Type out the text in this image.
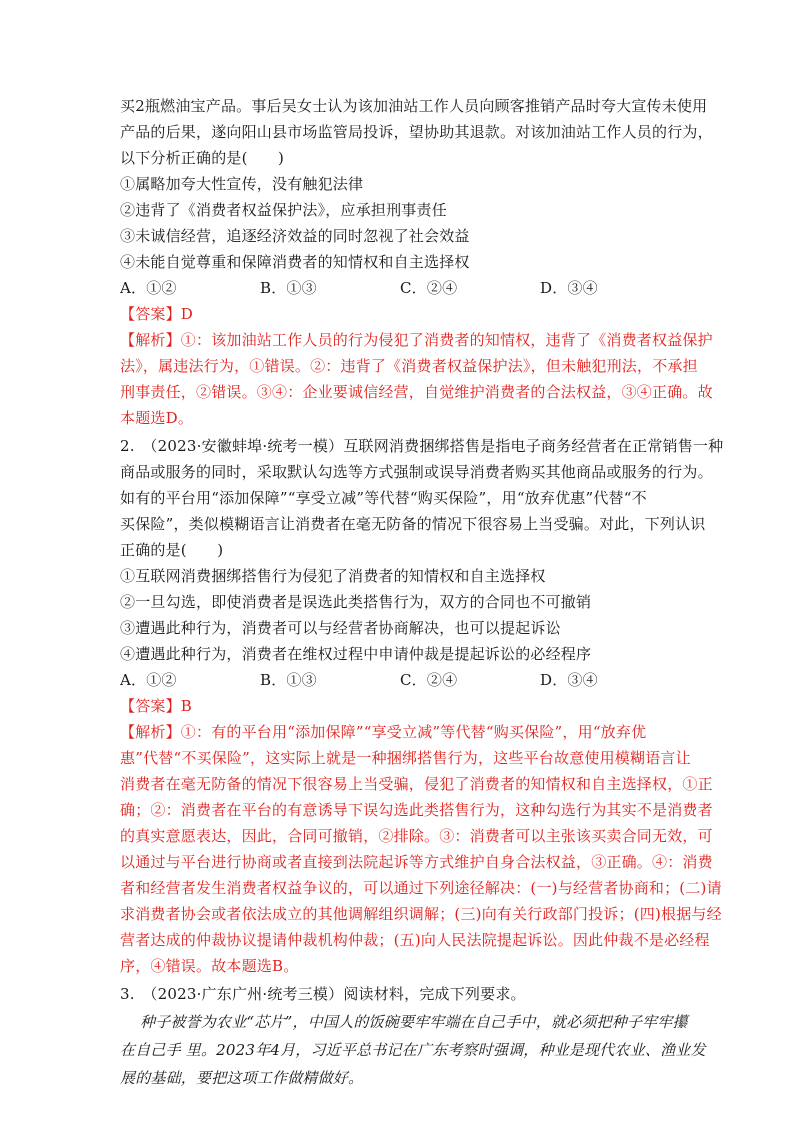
买2瓶燃油宝产品。事后吴女士认为该加油站工作人员向顾客推销产品时夸大宣传未使用
产品的后果，遂向阳山县市场监管局投诉，望协助其退款。对该加油站工作人员的行为，
以下分析正确的是(　　)
①属略加夸大性宣传，没有触犯法律
②违背了《消费者权益保护法》，应承担刑事责任
③未诚信经营，追逐经济效益的同时忽视了社会效益
④未能自觉尊重和保障消费者的知情权和自主选择权
A．①②	B．①③	C．②④	D．③④
【答案】D
【解析】①：该加油站工作人员的行为侵犯了消费者的知情权，违背了《消费者权益保护
法》，属违法行为，①错误。②：违背了《消费者权益保护法》，但未触犯刑法，不承担
刑事责任，②错误。③④：企业要诚信经营，自觉维护消费者的合法权益，③④正确。故
本题选D。
2.　（2023·安徽蚌埠·统考一模）互联网消费捆绑搭售是指电子商务经营者在正常销售一种
商品或服务的同时，采取默认勾选等方式强制或误导消费者购买其他商品或服务的行为。
如有的平台用“添加保障”“享受立减”等代替“购买保险”，用“放弃优惠”代替“不
买保险”，类似模糊语言让消费者在毫无防备的情况下很容易上当受骗。对此，下列认识
正确的是(　　)
①互联网消费捆绑搭售行为侵犯了消费者的知情权和自主选择权
②一旦勾选，即使消费者是误选此类搭售行为，双方的合同也不可撤销
③遭遇此种行为，消费者可以与经营者协商解决，也可以提起诉讼
④遭遇此种行为，消费者在维权过程中申请仲裁是提起诉讼的必经程序
A．①②	B．①③	C．②④	D．③④
【答案】B
【解析】①：有的平台用“添加保障”“享受立减”等代替“购买保险”，用“放弃优
惠”代替“不买保险”，这实际上就是一种捆绑搭售行为，这些平台故意使用模糊语言让
消费者在毫无防备的情况下很容易上当受骗，侵犯了消费者的知情权和自主选择权，①正
确；②：消费者在平台的有意诱导下误勾选此类搭售行为，这种勾选行为其实不是消费者
的真实意愿表达，因此，合同可撤销，②排除。③：消费者可以主张该买卖合同无效，可
以通过与平台进行协商或者直接到法院起诉等方式维护自身合法权益，③正确。④：消费
者和经营者发生消费者权益争议的，可以通过下列途径解决：(一)与经营者协商和；(二)请
求消费者协会或者依法成立的其他调解组织调解；(三)向有关行政部门投诉；(四)根据与经
营者达成的仲裁协议提请仲裁机构仲裁；(五)向人民法院提起诉讼。因此仲裁不是必经程
序，④错误。故本题选B。
3.　（2023·广东广州·统考三模）阅读材料，完成下列要求。
种子被誉为农业“芯片”，中国人的饭碗要牢牢端在自己手中，就必须把种子牢牢攥
在自己手 里。2023年4月，习近平总书记在广东考察时强调，种业是现代农业、渔业发
展的基础，要把这项工作做精做好。
